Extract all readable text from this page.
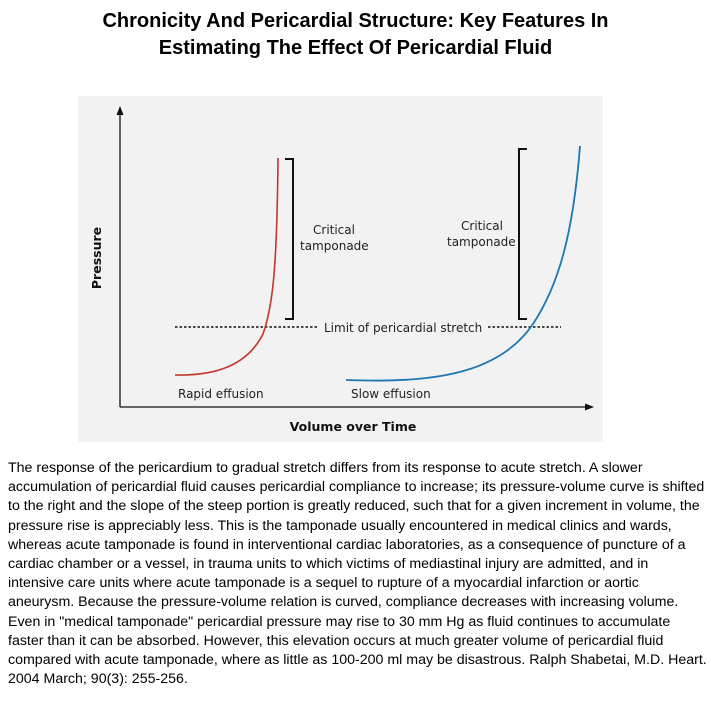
Chronicity And Pericardial Structure: Key Features In
Estimating The Effect Of Pericardial Fluid
Pressure
Volume over Time
Limit of pericardial stretch
Critical
tamponade
Rapid effusion
Critical
tamponade
Slow effusion
The response of the pericardium to gradual stretch differs from its response to acute stretch. A slower accumulation of pericardial fluid causes pericardial compliance to increase; its pressure-volume curve is shifted to the right and the slope of the steep portion is greatly reduced, such that for a given increment in volume, the pressure rise is appreciably less. This is the tamponade usually encountered in medical clinics and wards, whereas acute tamponade is found in interventional cardiac laboratories, as a consequence of puncture of a cardiac chamber or a vessel, in trauma units to which victims of mediastinal injury are admitted, and in intensive care units where acute tamponade is a sequel to rupture of a myocardial infarction or aortic aneurysm. Because the pressure-volume relation is curved, compliance decreases with increasing volume. Even in "medical tamponade" pericardial pressure may rise to 30 mm Hg as fluid continues to accumulate faster than it can be absorbed. However, this elevation occurs at much greater volume of pericardial fluid compared with acute tamponade, where as little as 100-200 ml may be disastrous. Ralph Shabetai, M.D. Heart. 2004 March; 90(3): 255-256.
